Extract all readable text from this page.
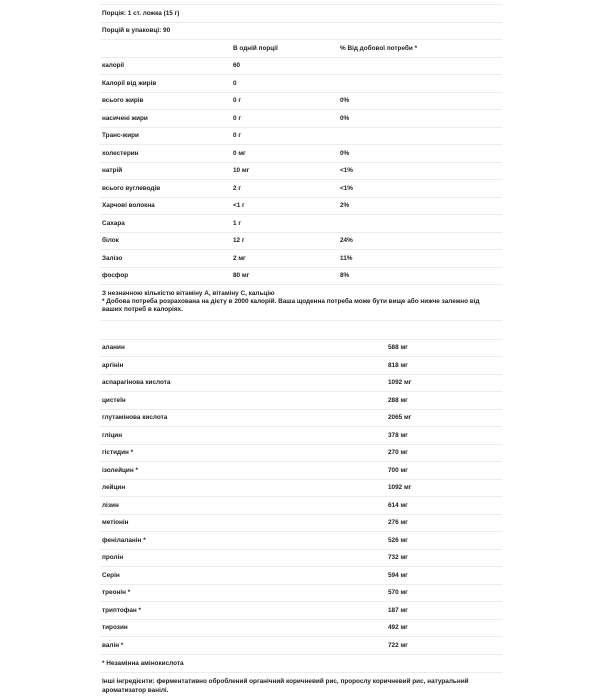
Порція: 1 ст. ложка (15 г)		
Порцій в упаковці: 90		
	В одній порції	% Від добової потреби *
калорії	60	
Калорії від жирів	0	
всього жирів	0 г	0%
насичені жири	0 г	0%
Транс-жири	0 г	
холестерин	0 мг	0%
натрій	10 мг	<1%
всього вуглеводів	2 г	<1%
Харчові волокна	<1 г	2%
Сахара	1 г	
білок	12 г	24%
Залізо	2 мг	11%
фосфор	80 мг	8%
З незначною кількістю вітаміну А, вітаміну С, кальцію
* Добова потреба розрахована на дієту в 2000 калорій. Ваша щоденна потреба може бути вище або нижче залежно від ваших потреб в калоріях.
аланин	588 мг
аргінін	818 мг
аспарагінова кислота	1092 мг
цистеїн	288 мг
глутамінова кислота	2065 мг
гліцин	378 мг
гістидин *	270 мг
ізолейцин *	700 мг
лейцин	1092 мг
лізин	614 мг
метіонін	276 мг
фенілаланін *	526 мг
пролін	732 мг
Серін	594 мг
треонін *	570 мг
триптофан *	187 мг
тирозин	492 мг
валін *	722 мг
* Незамінна амінокислота	
Інші інгредієнти: ферментативно оброблений органічний коричневий рис, пророслу коричневий рис, натуральний ароматизатор ванілі.
